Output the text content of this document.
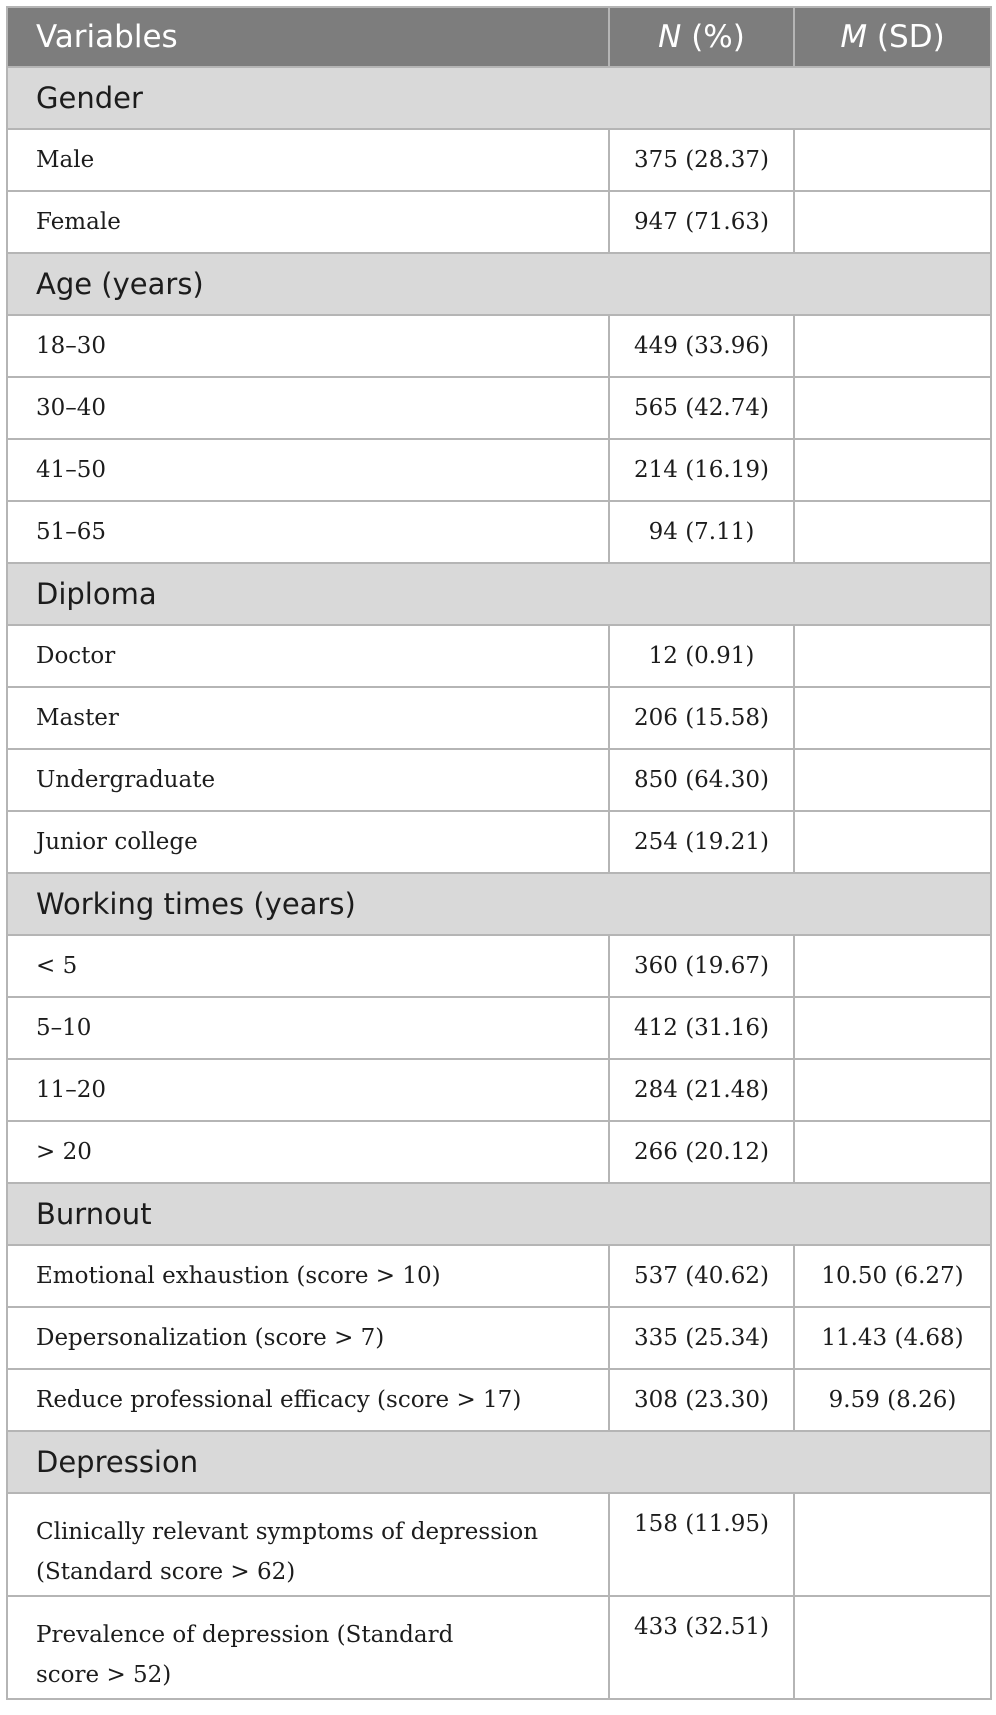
Variables	N (%)	M (SD)
Gender		
Male	375 (28.37)	
Female	947 (71.63)	
Age (years)		
18–30	449 (33.96)	
30–40	565 (42.74)	
41–50	214 (16.19)	
51–65	94 (7.11)	
Diploma		
Doctor	12 (0.91)	
Master	206 (15.58)	
Undergraduate	850 (64.30)	
Junior college	254 (19.21)	
Working times (years)		
< 5	360 (19.67)	
5–10	412 (31.16)	
11–20	284 (21.48)	
> 20	266 (20.12)	
Burnout		
Emotional exhaustion (score > 10)	537 (40.62)	10.50 (6.27)
Depersonalization (score > 7)	335 (25.34)	11.43 (4.68)
Reduce professional efficacy (score > 17)	308 (23.30)	9.59 (8.26)
Depression		
Clinically relevant symptoms of depression
(Standard score > 62)	158 (11.95)	
Prevalence of depression (Standard
score > 52)	433 (32.51)	
